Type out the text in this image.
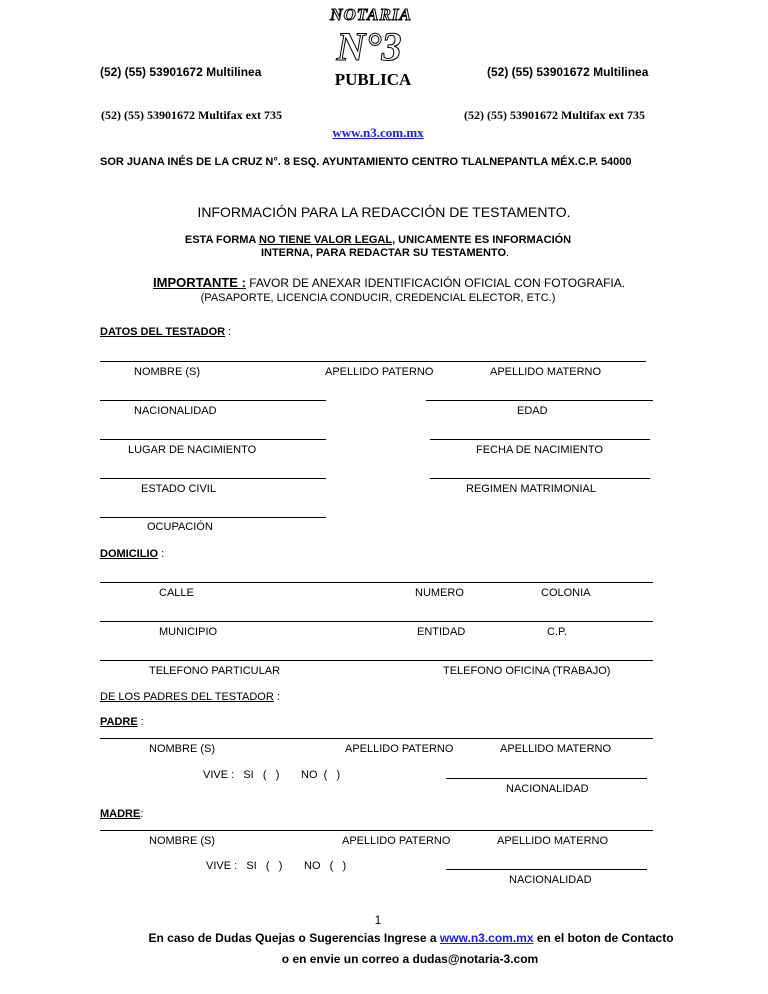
NOTARIA
N°3
PUBLICA
(52) (55) 53901672 Multilinea	(52) (55) 53901672 Multilinea
(52) (55) 53901672 Multifax ext 735	(52) (55) 53901672 Multifax ext 735
www.n3.com.mx
SOR JUANA INÉS DE LA CRUZ N°. 8 ESQ. AYUNTAMIENTO CENTRO TLALNEPANTLA MÉX.C.P. 54000
INFORMACIÓN PARA LA REDACCIÓN DE TESTAMENTO.
ESTA FORMA NO TIENE VALOR LEGAL, UNICAMENTE ES INFORMACIÓN
INTERNA, PARA REDACTAR SU TESTAMENTO.
IMPORTANTE : FAVOR DE ANEXAR IDENTIFICACIÓN OFICIAL CON FOTOGRAFIA.
(PASAPORTE, LICENCIA CONDUCIR, CREDENCIAL ELECTOR, ETC.)
DATOS DEL TESTADOR :
NOMBRE (S)	APELLIDO PATERNO	APELLIDO MATERNO
NACIONALIDAD	EDAD
LUGAR DE NACIMIENTO	FECHA DE NACIMIENTO
ESTADO CIVIL	REGIMEN MATRIMONIAL
OCUPACIÓN
DOMICILIO :
CALLE	NUMERO	COLONIA
MUNICIPIO	ENTIDAD	C.P.
TELEFONO PARTICULAR	TELEFONO OFICINA (TRABAJO)
DE LOS PADRES DEL TESTADOR :
PADRE :
NOMBRE (S)	APELLIDO PATERNO	APELLIDO MATERNO
VIVE :   SI   (   ) NO  (   )
NACIONALIDAD
MADRE:
NOMBRE (S)	APELLIDO PATERNO	APELLIDO MATERNO
VIVE :   SI   (   ) NO   (   )
NACIONALIDAD
1
En caso de Dudas Quejas o Sugerencias Ingrese a www.n3.com.mx en el boton de Contacto
o en envie un correo a dudas@notaria-3.com
